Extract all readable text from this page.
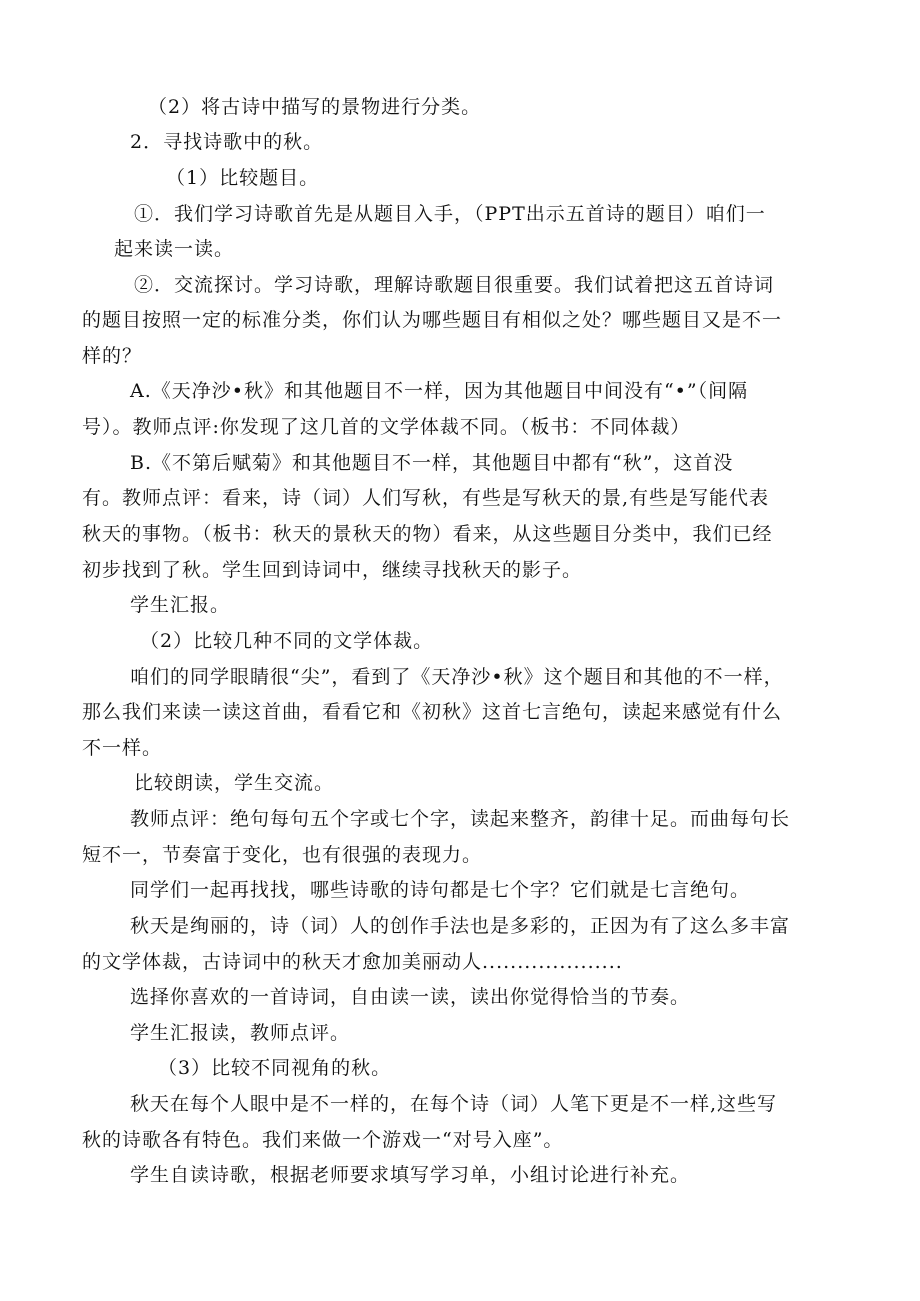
（2）将古诗中描写的景物进行分类。
2．寻找诗歌中的秋。
（1）比较题目。
①．我们学习诗歌首先是从题目入手，（PPT出示五首诗的题目）咱们一
起来读一读。
②．交流探讨。学习诗歌，理解诗歌题目很重要。我们试着把这五首诗词
的题目按照一定的标准分类，你们认为哪些题目有相似之处？哪些题目又是不一
样的？
A.《天净沙•秋》和其他题目不一样，因为其他题目中间没有“•”（间隔
号）。教师点评:你发现了这几首的文学体裁不同。（板书：不同体裁）
B.《不第后赋菊》和其他题目不一样，其他题目中都有“秋”，这首没
有。教师点评：看来，诗（词）人们写秋，有些是写秋天的景,有些是写能代表
秋天的事物。（板书：秋天的景秋天的物）看来，从这些题目分类中，我们已经
初步找到了秋。学生回到诗词中，继续寻找秋天的影子。
学生汇报。
（2）比较几种不同的文学体裁。
咱们的同学眼睛很“尖”，看到了《天净沙•秋》这个题目和其他的不一样，
那么我们来读一读这首曲，看看它和《初秋》这首七言绝句，读起来感觉有什么
不一样。
比较朗读，学生交流。
教师点评：绝句每句五个字或七个字，读起来整齐，韵律十足。而曲每句长
短不一，节奏富于变化，也有很强的表现力。
同学们一起再找找，哪些诗歌的诗句都是七个字？它们就是七言绝句。
秋天是绚丽的，诗（词）人的创作手法也是多彩的，正因为有了这么多丰富
的文学体裁，古诗词中的秋天才愈加美丽动人....................
选择你喜欢的一首诗词，自由读一读，读出你觉得恰当的节奏。
学生汇报读，教师点评。
（3）比较不同视角的秋。
秋天在每个人眼中是不一样的，在每个诗（词）人笔下更是不一样,这些写
秋的诗歌各有特色。我们来做一个游戏一“对号入座”。
学生自读诗歌，根据老师要求填写学习单，小组讨论进行补充。
